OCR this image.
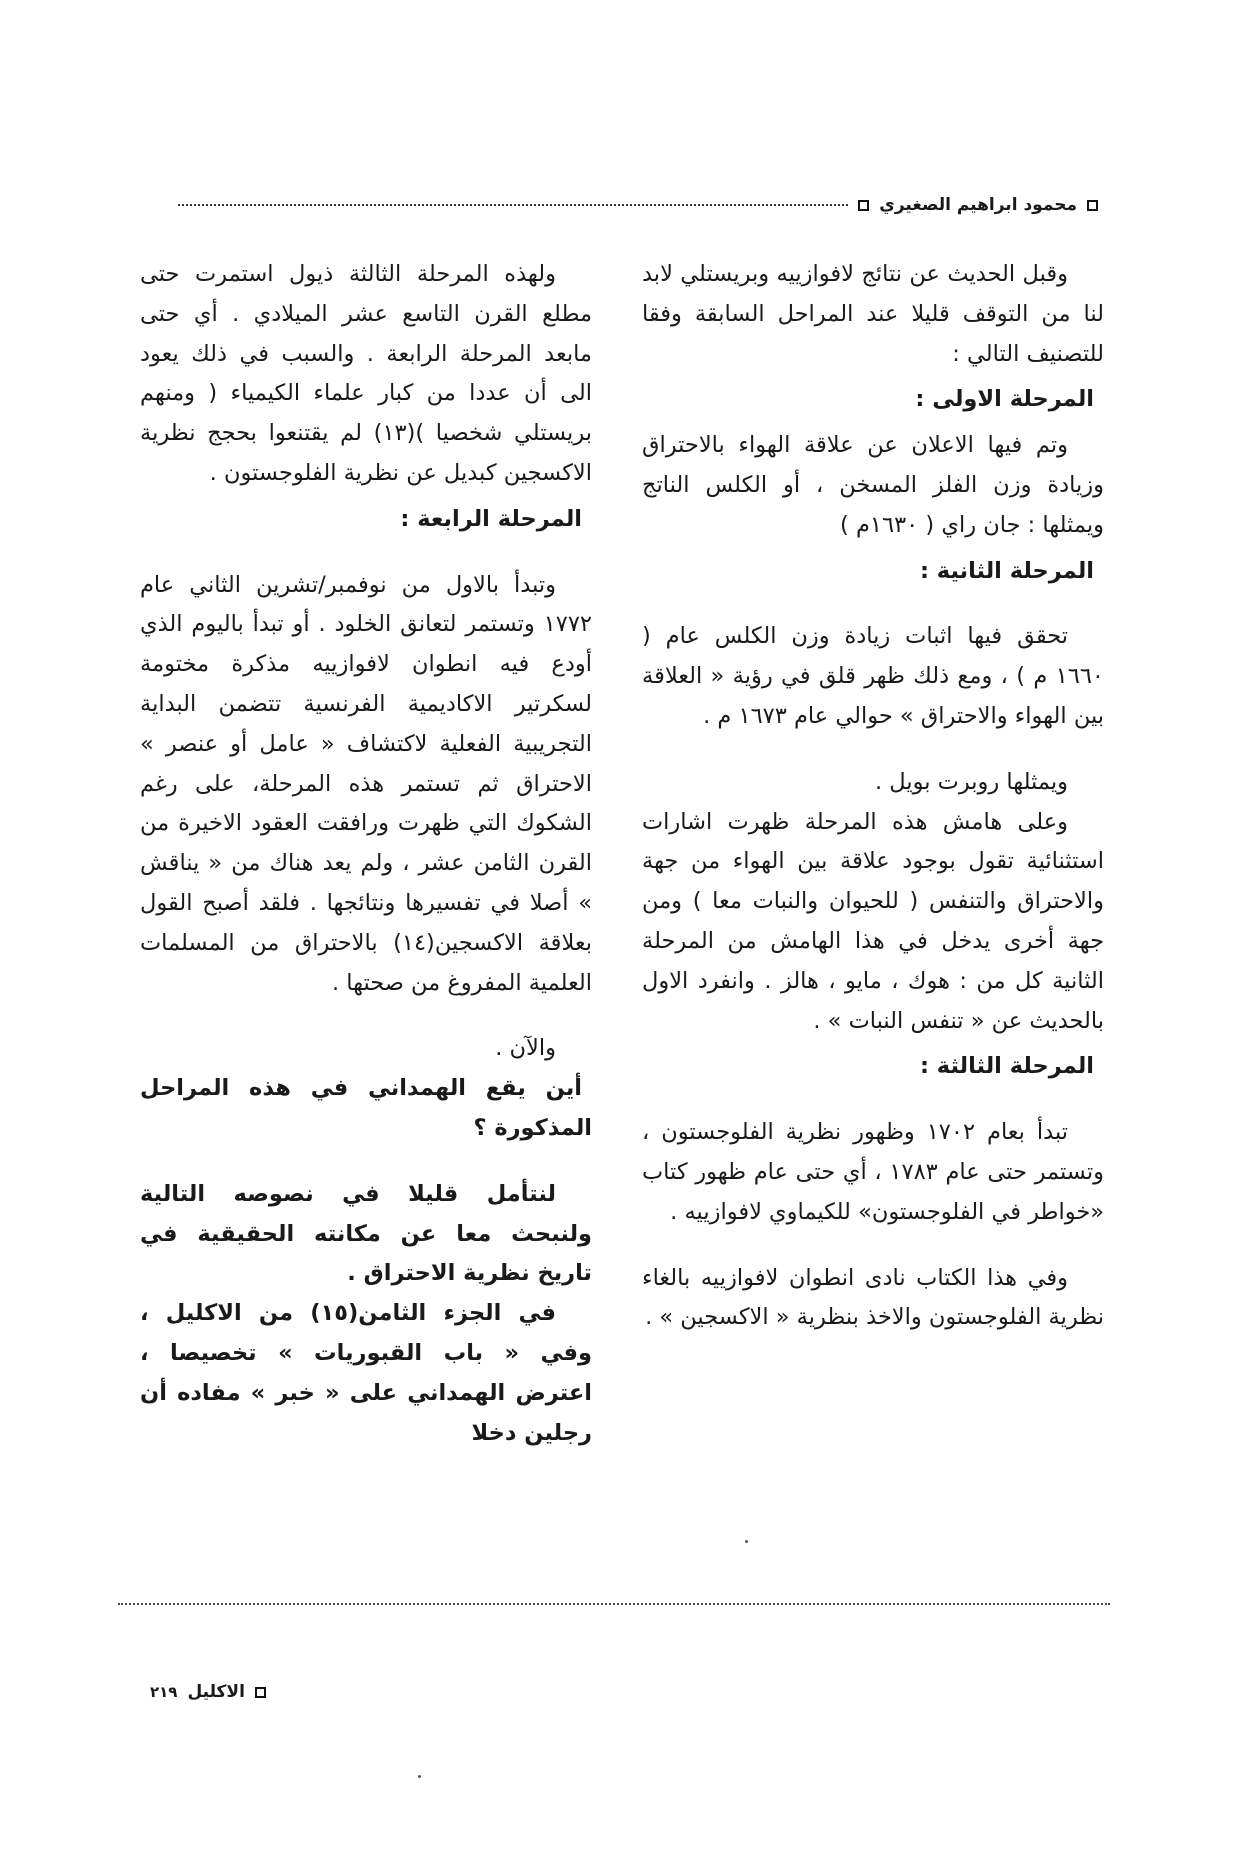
محمود ابراهيم الصغيري

وقبل الحديث عن نتائج لافوازييه وبريستلي لابد لنا من التوقف قليلا عند المراحل السابقة وفقا للتصنيف التالي :

المرحلة الاولى :

وتم فيها الاعلان عن علاقة الهواء بالاحتراق وزيادة وزن الفلز المسخن ، أو الكلس الناتج ويمثلها : جان راي ( ١٦٣٠م )

المرحلة الثانية :

تحقق فيها اثبات زيادة وزن الكلس عام ( ١٦٦٠ م ) ، ومع ذلك ظهر قلق في رؤية « العلاقة بين الهواء والاحتراق » حوالي عام ١٦٧٣ م .

ويمثلها روبرت بويل .

وعلى هامش هذه المرحلة ظهرت اشارات استثنائية تقول بوجود علاقة بين الهواء من جهة والاحتراق والتنفس ( للحيوان والنبات معا ) ومن جهة أخرى يدخل في هذا الهامش من المرحلة الثانية كل من : هوك ، مايو ، هالز . وانفرد الاول بالحديث عن « تنفس النبات » .

المرحلة الثالثة :

تبدأ بعام ١٧٠٢ وظهور نظرية الفلوجستون ، وتستمر حتى عام ١٧٨٣ ، أي حتى عام ظهور كتاب «خواطر في الفلوجستون» للكيماوي لافوازييه .

وفي هذا الكتاب نادى انطوان لافوازييه بالغاء نظرية الفلوجستون والاخذ بنظرية « الاكسجين » .

ولهذه المرحلة الثالثة ذيول استمرت حتى مطلع القرن التاسع عشر الميلادي . أي حتى مابعد المرحلة الرابعة . والسبب في ذلك يعود الى أن عددا من كبار علماء الكيمياء ( ومنهم بريستلي شخصيا )(١٣) لم يقتنعوا بحجج نظرية الاكسجين كبديل عن نظرية الفلوجستون .

المرحلة الرابعة :

وتبدأ بالاول من نوفمبر/تشرين الثاني عام ١٧٧٢ وتستمر لتعانق الخلود . أو تبدأ باليوم الذي أودع فيه انطوان لافوازييه مذكرة مختومة لسكرتير الاكاديمية الفرنسية تتضمن البداية التجريبية الفعلية لاكتشاف « عامل أو عنصر » الاحتراق ثم تستمر هذه المرحلة، على رغم الشكوك التي ظهرت ورافقت العقود الاخيرة من القرن الثامن عشر ، ولم يعد هناك من « يناقش » أصلا في تفسيرها ونتائجها . فلقد أصبح القول بعلاقة الاكسجين(١٤) بالاحتراق من المسلمات العلمية المفروغ من صحتها .

والآن .

أين يقع الهمداني في هذه المراحل المذكورة ؟

لنتأمل قليلا في نصوصه التالية ولنبحث معا عن مكانته الحقيقية في تاريخ نظرية الاحتراق .

في الجزء الثامن(١٥) من الاكليل ، وفي « باب القبوريات » تخصيصا ، اعترض الهمداني على « خبر » مفاده أن رجلين دخلا

الاكليل
٢١٩
